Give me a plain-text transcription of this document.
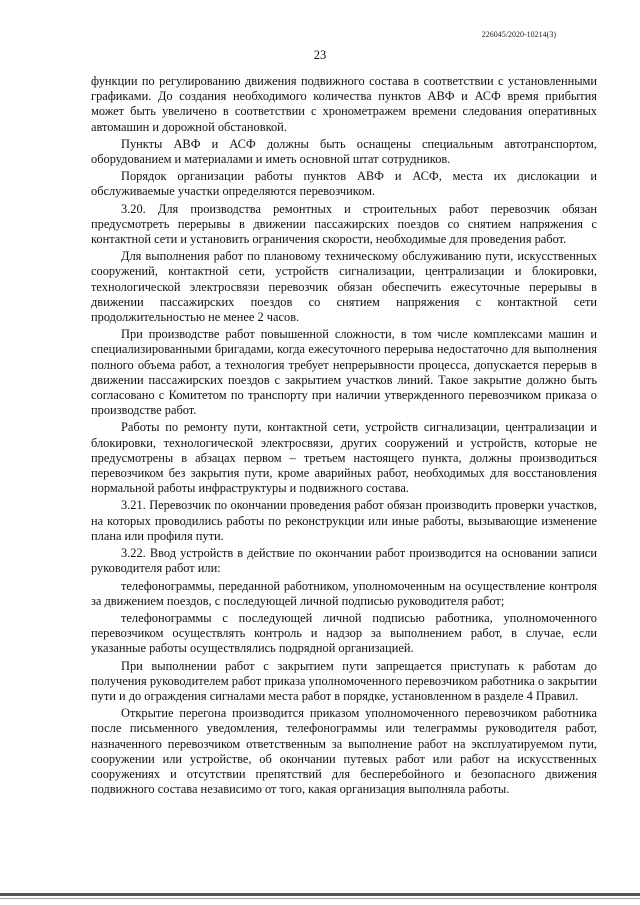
226045/2020-10214(3)
23

функции по регулированию движения подвижного состава в соответствии с установленными графиками. До создания необходимого количества пунктов АВФ и АСФ время прибытия может быть увеличено в соответствии с хронометражем времени следования оперативных автомашин и дорожной обстановкой.

Пункты АВФ и АСФ должны быть оснащены специальным автотранспортом, оборудованием и материалами и иметь основной штат сотрудников.

Порядок организации работы пунктов АВФ и АСФ, места их дислокации и обслуживаемые участки определяются перевозчиком.

3.20. Для производства ремонтных и строительных работ перевозчик обязан предусмотреть перерывы в движении пассажирских поездов со снятием напряжения с контактной сети и установить ограничения скорости, необходимые для проведения работ.

Для выполнения работ по плановому техническому обслуживанию пути, искусственных сооружений, контактной сети, устройств сигнализации, централизации и блокировки, технологической электросвязи перевозчик обязан обеспечить ежесуточные перерывы в движении пассажирских поездов со снятием напряжения с контактной сети продолжительностью не менее 2 часов.

При производстве работ повышенной сложности, в том числе комплексами машин и специализированными бригадами, когда ежесуточного перерыва недостаточно для выполнения полного объема работ, а технология требует непрерывности процесса, допускается перерыв в движении пассажирских поездов с закрытием участков линий. Такое закрытие должно быть согласовано с Комитетом по транспорту при наличии утвержденного перевозчиком приказа о производстве работ.

Работы по ремонту пути, контактной сети, устройств сигнализации, централизации и блокировки, технологической электросвязи, других сооружений и устройств, которые не предусмотрены в абзацах первом – третьем настоящего пункта, должны производиться перевозчиком без закрытия пути, кроме аварийных работ, необходимых для восстановления нормальной работы инфраструктуры и подвижного состава.

3.21. Перевозчик по окончании проведения работ обязан производить проверки участков, на которых проводились работы по реконструкции или иные работы, вызывающие изменение плана или профиля пути.

3.22. Ввод устройств в действие по окончании работ производится на основании записи руководителя работ или:

телефонограммы, переданной работником, уполномоченным на осуществление контроля за движением поездов, с последующей личной подписью руководителя работ;

телефонограммы с последующей личной подписью работника, уполномоченного перевозчиком осуществлять контроль и надзор за выполнением работ, в случае, если указанные работы осуществлялись подрядной организацией.

При выполнении работ с закрытием пути запрещается приступать к работам до получения руководителем работ приказа уполномоченного перевозчиком работника о закрытии пути и до ограждения сигналами места работ в порядке, установленном в разделе 4 Правил.

Открытие перегона производится приказом уполномоченного перевозчиком работника после письменного уведомления, телефонограммы или телеграммы руководителя работ, назначенного перевозчиком ответственным за выполнение работ на эксплуатируемом пути, сооружении или устройстве, об окончании путевых работ или работ на искусственных сооружениях и отсутствии препятствий для бесперебойного и безопасного движения подвижного состава независимо от того, какая организация выполняла работы.
